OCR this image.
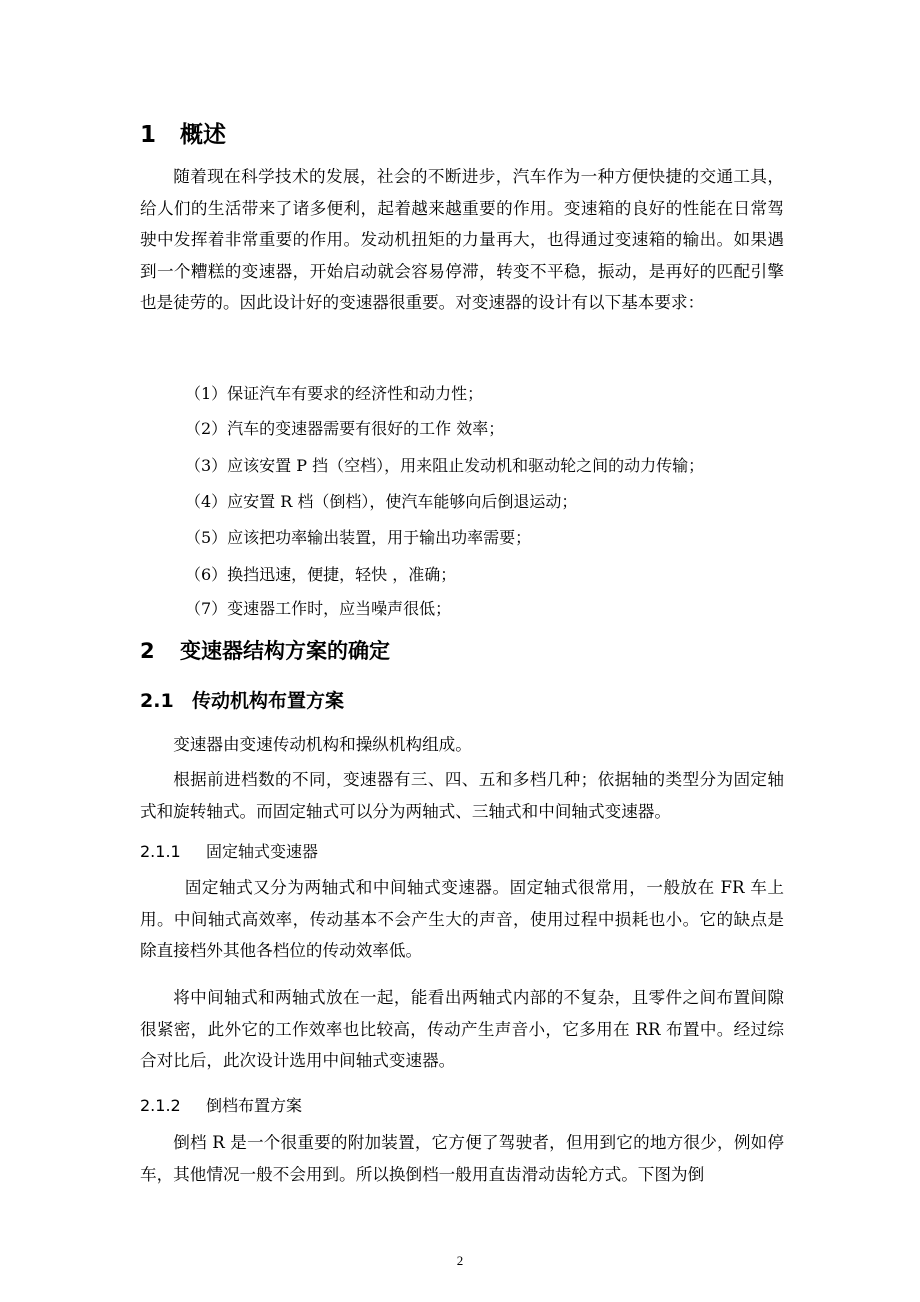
1 概述
随着现在科学技术的发展，社会的不断进步，汽车作为一种方便快捷的交通工具，给人们的生活带来了诸多便利，起着越来越重要的作用。变速箱的良好的性能在日常驾驶中发挥着非常重要的作用。发动机扭矩的力量再大，也得通过变速箱的输出。如果遇到一个糟糕的变速器，开始启动就会容易停滞，转变不平稳，振动，是再好的匹配引擎也是徒劳的。因此设计好的变速器很重要。对变速器的设计有以下基本要求：
（1）保证汽车有要求的经济性和动力性；
（2）汽车的变速器需要有很好的工作 效率；
（3）应该安置 P 挡（空档），用来阻止发动机和驱动轮之间的动力传输；
（4）应安置 R 档（倒档），使汽车能够向后倒退运动；
（5）应该把功率输出装置，用于输出功率需要；
（6）换挡迅速，便捷，轻快 ，准确；
（7）变速器工作时，应当噪声很低；
2 变速器结构方案的确定
2.1 传动机构布置方案
变速器由变速传动机构和操纵机构组成。
根据前进档数的不同，变速器有三、四、五和多档几种；依据轴的类型分为固定轴式和旋转轴式。而固定轴式可以分为两轴式、三轴式和中间轴式变速器。
2.1.1 固定轴式变速器
固定轴式又分为两轴式和中间轴式变速器。固定轴式很常用，一般放在 FR 车上用。中间轴式高效率，传动基本不会产生大的声音，使用过程中损耗也小。它的缺点是除直接档外其他各档位的传动效率低。
将中间轴式和两轴式放在一起，能看出两轴式内部的不复杂，且零件之间布置间隙很紧密，此外它的工作效率也比较高，传动产生声音小，它多用在 RR 布置中。经过综合对比后，此次设计选用中间轴式变速器。
2.1.2 倒档布置方案
倒档 R 是一个很重要的附加装置，它方便了驾驶者，但用到它的地方很少，例如停车，其他情况一般不会用到。所以换倒档一般用直齿滑动齿轮方式。下图为倒
2
